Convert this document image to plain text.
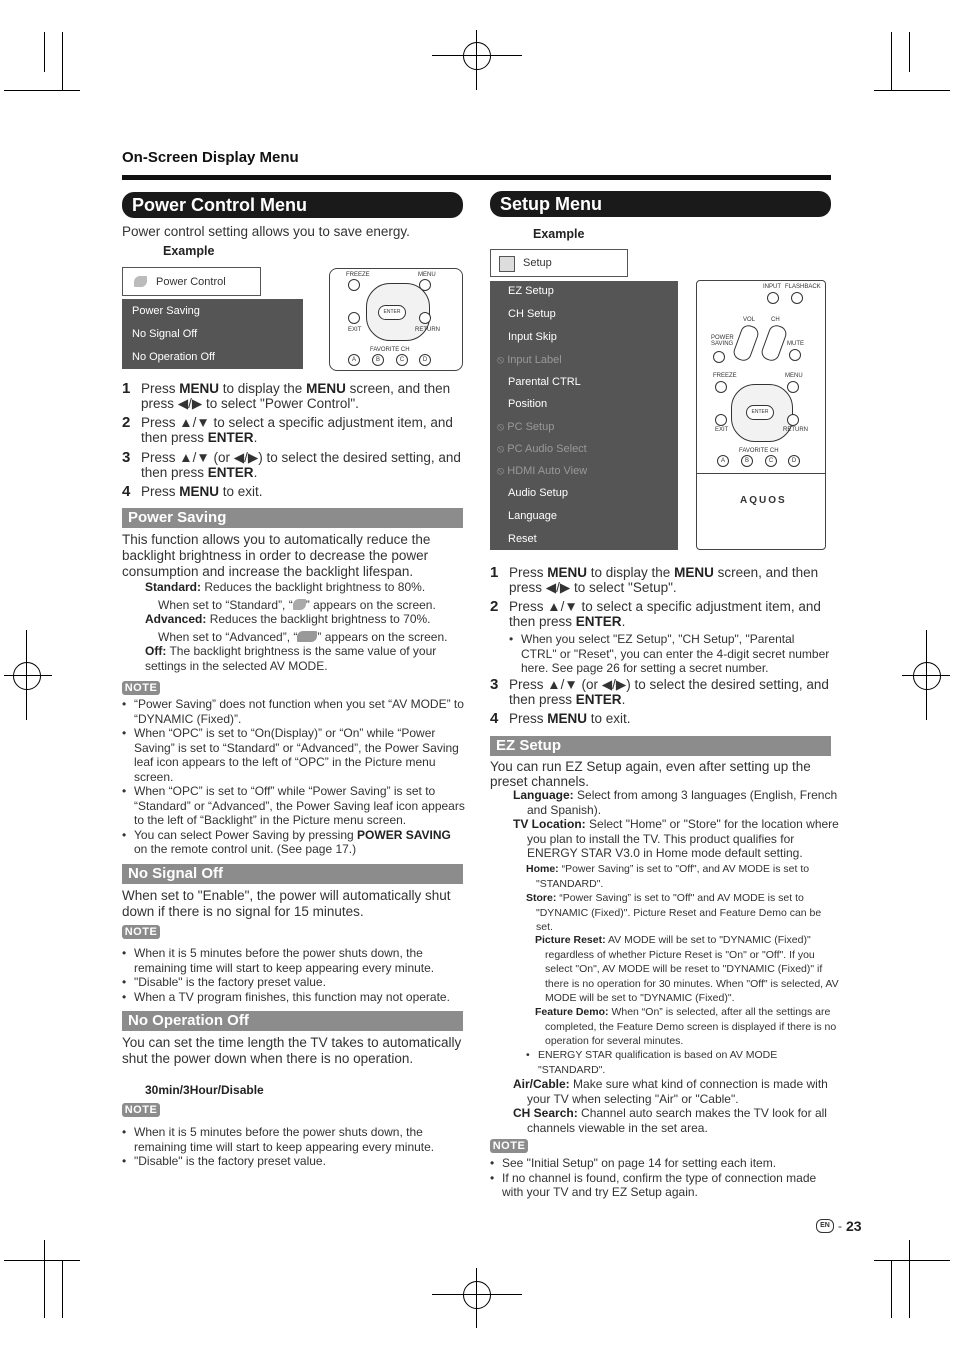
On-Screen Display Menu
Power Control Menu
Power control setting allows you to save energy.
Example
Power Control
Power Saving
No Signal Off
No Operation Off
FREEZE	MENU
ENTER
EXIT	RETURN
FAVORITE CH
A	B	C	D
1 Press MENU to display the MENU screen, and then press ◀/▶ to select "Power Control".
2 Press ▲/▼ to select a specific adjustment item, and then press ENTER.
3 Press ▲/▼ (or ◀/▶) to select the desired setting, and then press ENTER.
4 Press MENU to exit.
Power Saving
This function allows you to automatically reduce the backlight brightness in order to decrease the power consumption and increase the backlight lifespan.
Standard: Reduces the backlight brightness to 80%.
When set to “Standard”, “ ” appears on the screen.
Advanced: Reduces the backlight brightness to 70%.
When set to “Advanced”, “ ” appears on the screen.
Off: The backlight brightness is the same value of your settings in the selected AV MODE.
NOTE
• “Power Saving” does not function when you set “AV MODE” to “DYNAMIC (Fixed)”.
• When “OPC” is set to “On(Display)” or “On” while “Power Saving” is set to “Standard” or “Advanced”, the Power Saving leaf icon appears to the left of “OPC” in the Picture menu screen.
• When “OPC” is set to “Off” while “Power Saving” is set to “Standard” or “Advanced”, the Power Saving leaf icon appears to the left of “Backlight” in the Picture menu screen.
• You can select Power Saving by pressing POWER SAVING on the remote control unit. (See page 17.)
No Signal Off
When set to "Enable", the power will automatically shut down if there is no signal for 15 minutes.
NOTE
• When it is 5 minutes before the power shuts down, the remaining time will start to keep appearing every minute.
• "Disable" is the factory preset value.
• When a TV program finishes, this function may not operate.
No Operation Off
You can set the time length the TV takes to automatically shut the power down when there is no operation.
30min/3Hour/Disable
NOTE
• When it is 5 minutes before the power shuts down, the remaining time will start to keep appearing every minute.
• "Disable" is the factory preset value.
Setup Menu
Example
Setup
EZ Setup
CH Setup
Input Skip
⦸ Input Label
Parental CTRL
Position
⦸ PC Setup
⦸ PC Audio Select
⦸ HDMI Auto View
Audio Setup
Language
Reset
INPUT FLASHBACK
VOL	CH
POWER SAVING	MUTE
FREEZE	MENU
ENTER
EXIT	RETURN
FAVORITE CH
A	B	C	D
AQUOS
1 Press MENU to display the MENU screen, and then press ◀/▶ to select "Setup".
2 Press ▲/▼ to select a specific adjustment item, and then press ENTER.
• When you select "EZ Setup", "CH Setup", "Parental CTRL" or "Reset", you can enter the 4-digit secret number here. See page 26 for setting a secret number.
3 Press ▲/▼ (or ◀/▶) to select the desired setting, and then press ENTER.
4 Press MENU to exit.
EZ Setup
You can run EZ Setup again, even after setting up the preset channels.
Language: Select from among 3 languages (English, French and Spanish).
TV Location: Select "Home" or "Store" for the location where you plan to install the TV. This product qualifies for ENERGY STAR V3.0 in Home mode default setting.
Home: “Power Saving” is set to "Off", and AV MODE is set to "STANDARD".
Store: “Power Saving” is set to "Off" and AV MODE is set to "DYNAMIC (Fixed)". Picture Reset and Feature Demo can be set.
Picture Reset: AV MODE will be set to "DYNAMIC (Fixed)" regardless of whether Picture Reset is "On" or "Off". If you select "On", AV MODE will be reset to "DYNAMIC (Fixed)" if there is no operation for 30 minutes. When "Off" is selected, AV MODE will be set to "DYNAMIC (Fixed)".
Feature Demo: When “On” is selected, after all the settings are completed, the Feature Demo screen is displayed if there is no operation for several minutes.
• ENERGY STAR qualification is based on AV MODE "STANDARD".
Air/Cable: Make sure what kind of connection is made with your TV when selecting "Air" or "Cable".
CH Search: Channel auto search makes the TV look for all channels viewable in the set area.
NOTE
• See "Initial Setup" on page 14 for setting each item.
• If no channel is found, confirm the type of connection made with your TV and try EZ Setup again.
EN - 23
